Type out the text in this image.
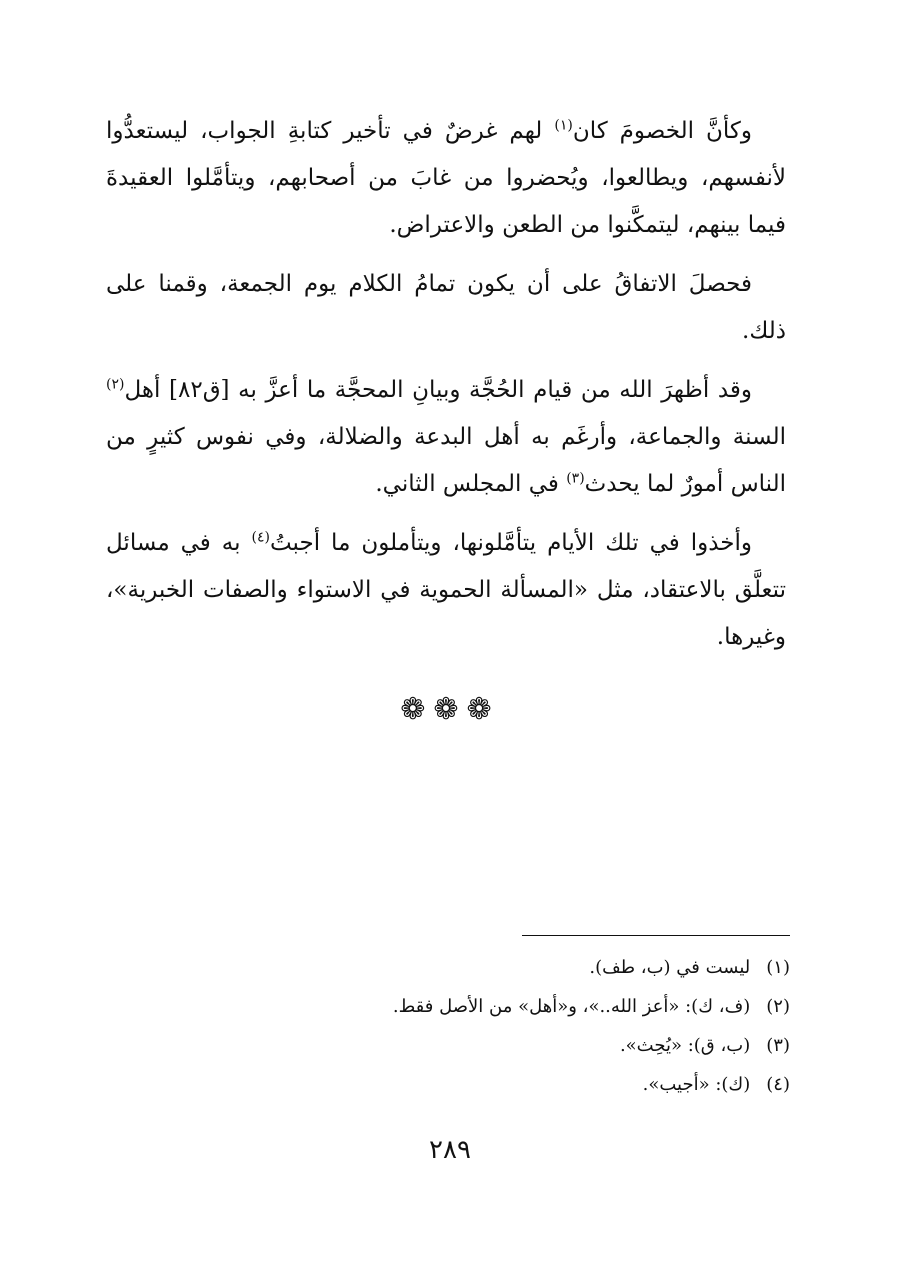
وكأنَّ الخصومَ كان$^{(١)}$ لهم غرضٌ في تأخير كتابةِ الجواب، ليستعدُّوا لأنفسهم، ويطالعوا، ويُحضروا من غابَ من أصحابهم، ويتأمَّلوا العقيدةَ فيما بينهم، ليتمكَّنوا من الطعن والاعتراض.

فحصلَ الاتفاقُ على أن يكون تمامُ الكلام يوم الجمعة، وقمنا على ذلك.

وقد أظهرَ الله من قيام الحُجَّة وبيانِ المحجَّة ما أعزَّ به [ق٨٢] أهل$^{(٢)}$ السنة والجماعة، وأرغَم به أهل البدعة والضلالة، وفي نفوس كثيرٍ من الناس أمورٌ لما يحدث$^{(٣)}$ في المجلس الثاني.

وأخذوا في تلك الأيام يتأمَّلونها، ويتأملون ما أجبتُ$^{(٤)}$ به في مسائل تتعلَّق بالاعتقاد، مثل «المسألة الحموية في الاستواء والصفات الخبرية»، وغيرها.

❁❁❁
(١) ليست في (ب، طف).
(٢) (ف، ك): «أعز الله..»، و«أهل» من الأصل فقط.
(٣) (ب، ق): «يُحِث».
(٤) (ك): «أجيب».
٢٨٩
